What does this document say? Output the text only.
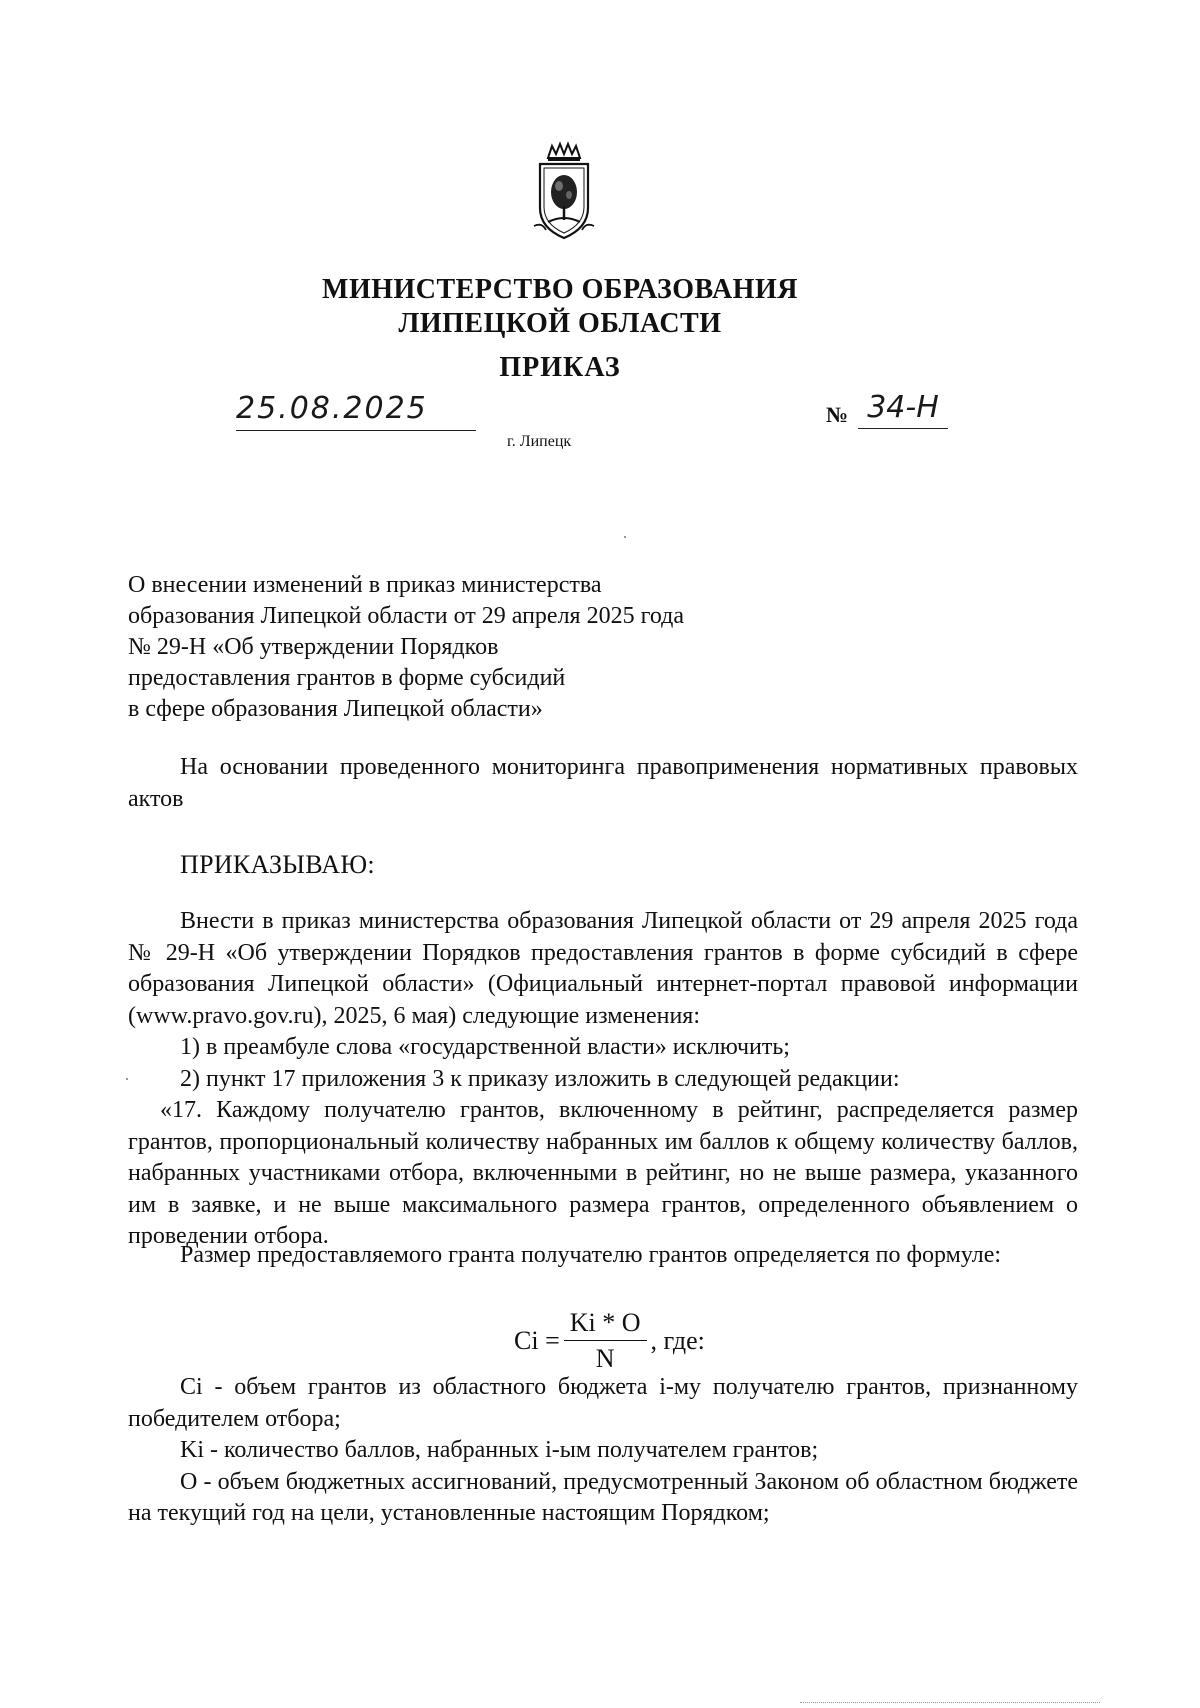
МИНИСТЕРСТВО ОБРАЗОВАНИЯ
ЛИПЕЦКОЙ ОБЛАСТИ
ПРИКАЗ
25.08.2025	№ 34-Н
г. Липецк
О внесении изменений в приказ министерства
образования Липецкой области от 29 апреля 2025 года
№ 29-Н «Об утверждении Порядков
предоставления грантов в форме субсидий
в сфере образования Липецкой области»

На основании проведенного мониторинга правоприменения нормативных правовых актов

ПРИКАЗЫВАЮ:

Внести в приказ министерства образования Липецкой области от 29 апреля 2025 года № 29-Н «Об утверждении Порядков предоставления грантов в форме субсидий в сфере образования Липецкой области» (Официальный интернет-портал правовой информации (www.pravo.gov.ru), 2025, 6 мая) следующие изменения:

1) в преамбуле слова «государственной власти» исключить;

2) пункт 17 приложения 3 к приказу изложить в следующей редакции:

«17. Каждому получателю грантов, включенному в рейтинг, распределяется размер грантов, пропорциональный количеству набранных им баллов к общему количеству баллов, набранных участниками отбора, включенными в рейтинг, но не выше размера, указанного им в заявке, и не выше максимального размера грантов, определенного объявлением о проведении отбора.

Размер предоставляемого гранта получателю грантов определяется по формуле:

$Ci = \frac{Ki * O}{N}$ , где:

Ci - объем грантов из областного бюджета i-му получателю грантов, признанному победителем отбора;

Ki - количество баллов, набранных i-ым получателем грантов;

О - объем бюджетных ассигнований, предусмотренный Законом об областном бюджете на текущий год на цели, установленные настоящим Порядком;
